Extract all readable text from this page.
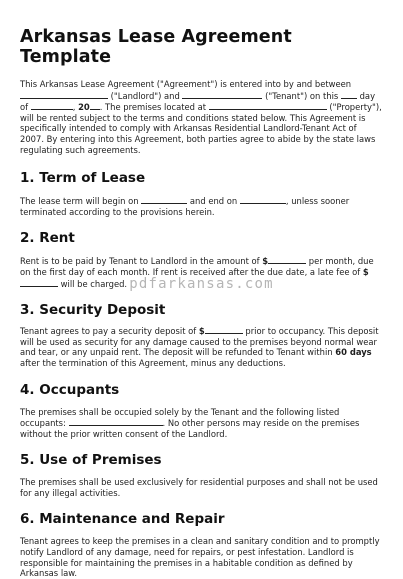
Arkansas Lease Agreement Template

This Arkansas Lease Agreement ("Agreement") is entered into by and between  ("Landlord") and	("Tenant") on this  day of	, 20 . The premises located at	("Property"), will be rented subject to the terms and conditions stated below. This Agreement is specifically intended to comply with Arkansas Residential Landlord-Tenant Act of 2007. By entering into this Agreement, both parties agree to abide by the state laws regulating such agreements.

1. Term of Lease

The lease term will begin on	and end on	, unless sooner terminated according to the provisions herein.

2. Rent

Rent is to be paid by Tenant to Landlord in the amount of $	per month, due on the first day of each month. If rent is received after the due date, a late fee of $ will be charged.

3. Security Deposit

Tenant agrees to pay a security deposit of $	prior to occupancy. This deposit will be used as security for any damage caused to the premises beyond normal wear and tear, or any unpaid rent. The deposit will be refunded to Tenant within 60 days after the termination of this Agreement, minus any deductions.

4. Occupants

The premises shall be occupied solely by the Tenant and the following listed occupants:	. No other persons may reside on the premises without the prior written consent of the Landlord.

5. Use of Premises

The premises shall be used exclusively for residential purposes and shall not be used for any illegal activities.

6. Maintenance and Repair

Tenant agrees to keep the premises in a clean and sanitary condition and to promptly notify Landlord of any damage, need for repairs, or pest infestation. Landlord is responsible for maintaining the premises in a habitable condition as defined by Arkansas law.

pdfarkansas.com
